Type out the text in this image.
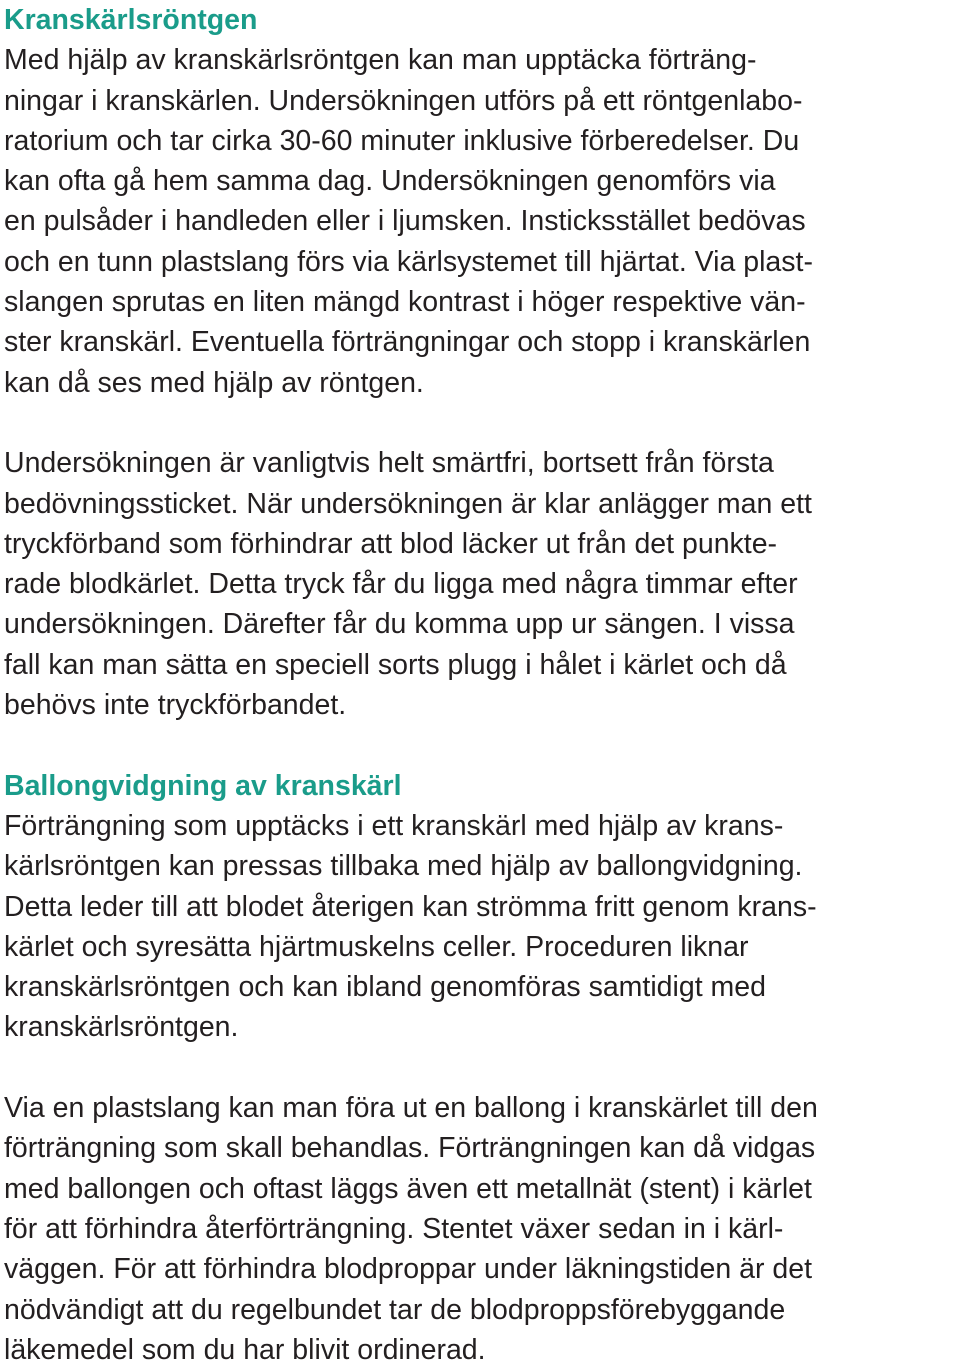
Kranskärlsröntgen
Med hjälp av kranskärlsröntgen kan man upptäcka förträng-
ningar i kranskärlen. Undersökningen utförs på ett röntgenlabo-
ratorium och tar cirka 30-60 minuter inklusive förberedelser. Du
kan ofta gå hem samma dag. Undersökningen genomförs via
en pulsåder i handleden eller i ljumsken. Insticksstället bedövas
och en tunn plastslang förs via kärlsystemet till hjärtat. Via plast-
slangen sprutas en liten mängd kontrast i höger respektive vän-
ster kranskärl. Eventuella förträngningar och stopp i kranskärlen
kan då ses med hjälp av röntgen.
Undersökningen är vanligtvis helt smärtfri, bortsett från första
bedövningssticket. När undersökningen är klar anlägger man ett
tryckförband som förhindrar att blod läcker ut från det punkte-
rade blodkärlet. Detta tryck får du ligga med några timmar efter
undersökningen. Därefter får du komma upp ur sängen. I vissa
fall kan man sätta en speciell sorts plugg i hålet i kärlet och då
behövs inte tryckförbandet.
Ballongvidgning av kranskärl
Förträngning som upptäcks i ett kranskärl med hjälp av krans-
kärlsröntgen kan pressas tillbaka med hjälp av ballongvidgning.
Detta leder till att blodet återigen kan strömma fritt genom krans-
kärlet och syresätta hjärtmuskelns celler. Proceduren liknar
kranskärlsröntgen och kan ibland genomföras samtidigt med
kranskärlsröntgen.
Via en plastslang kan man föra ut en ballong i kranskärlet till den
förträngning som skall behandlas. Förträngningen kan då vidgas
med ballongen och oftast läggs även ett metallnät (stent) i kärlet
för att förhindra återförträngning. Stentet växer sedan in i kärl-
väggen. För att förhindra blodproppar under läkningstiden är det
nödvändigt att du regelbundet tar de blodproppsförebyggande
läkemedel som du har blivit ordinerad.
